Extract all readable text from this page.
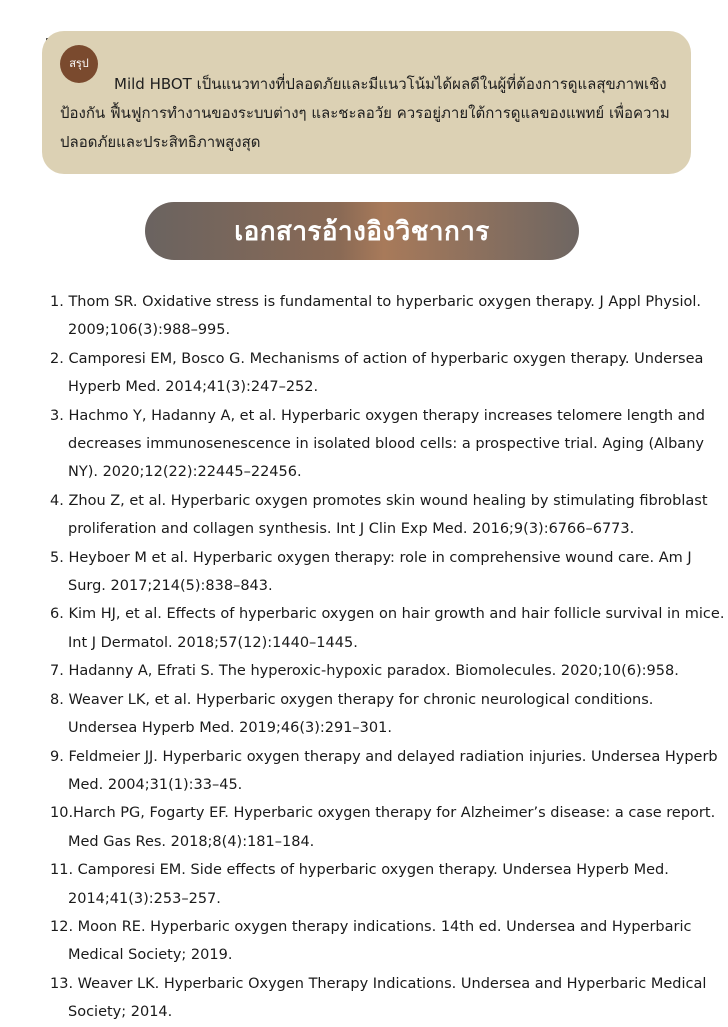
สรุป
Mild HBOT เป็นแนวทางที่ปลอดภัยและมีแนวโน้มได้ผลดีในผู้ที่ต้องการดูแลสุขภาพเชิงป้องกัน ฟื้นฟูการทำงานของระบบต่างๆ และชะลอวัย ควรอยู่ภายใต้การดูแลของแพทย์ เพื่อความปลอดภัยและประสิทธิภาพสูงสุด
เอกสารอ้างอิงวิชาการ
1. Thom SR. Oxidative stress is fundamental to hyperbaric oxygen therapy. J Appl Physiol. 2009;106(3):988–995.
2. Camporesi EM, Bosco G. Mechanisms of action of hyperbaric oxygen therapy. Undersea Hyperb Med. 2014;41(3):247–252.
3. Hachmo Y, Hadanny A, et al. Hyperbaric oxygen therapy increases telomere length and decreases immunosenescence in isolated blood cells: a prospective trial. Aging (Albany NY). 2020;12(22):22445–22456.
4. Zhou Z, et al. Hyperbaric oxygen promotes skin wound healing by stimulating fibroblast proliferation and collagen synthesis. Int J Clin Exp Med. 2016;9(3):6766–6773.
5. Heyboer M et al. Hyperbaric oxygen therapy: role in comprehensive wound care. Am J Surg. 2017;214(5):838–843.
6. Kim HJ, et al. Effects of hyperbaric oxygen on hair growth and hair follicle survival in mice. Int J Dermatol. 2018;57(12):1440–1445.
7. Hadanny A, Efrati S. The hyperoxic-hypoxic paradox. Biomolecules. 2020;10(6):958.
8. Weaver LK, et al. Hyperbaric oxygen therapy for chronic neurological conditions. Undersea Hyperb Med. 2019;46(3):291–301.
9. Feldmeier JJ. Hyperbaric oxygen therapy and delayed radiation injuries. Undersea Hyperb Med. 2004;31(1):33–45.
10.Harch PG, Fogarty EF. Hyperbaric oxygen therapy for Alzheimer’s disease: a case report. Med Gas Res. 2018;8(4):181–184.
11. Camporesi EM. Side effects of hyperbaric oxygen therapy. Undersea Hyperb Med. 2014;41(3):253–257.
12. Moon RE. Hyperbaric oxygen therapy indications. 14th ed. Undersea and Hyperbaric Medical Society; 2019.
13. Weaver LK. Hyperbaric Oxygen Therapy Indications. Undersea and Hyperbaric Medical Society; 2014.
